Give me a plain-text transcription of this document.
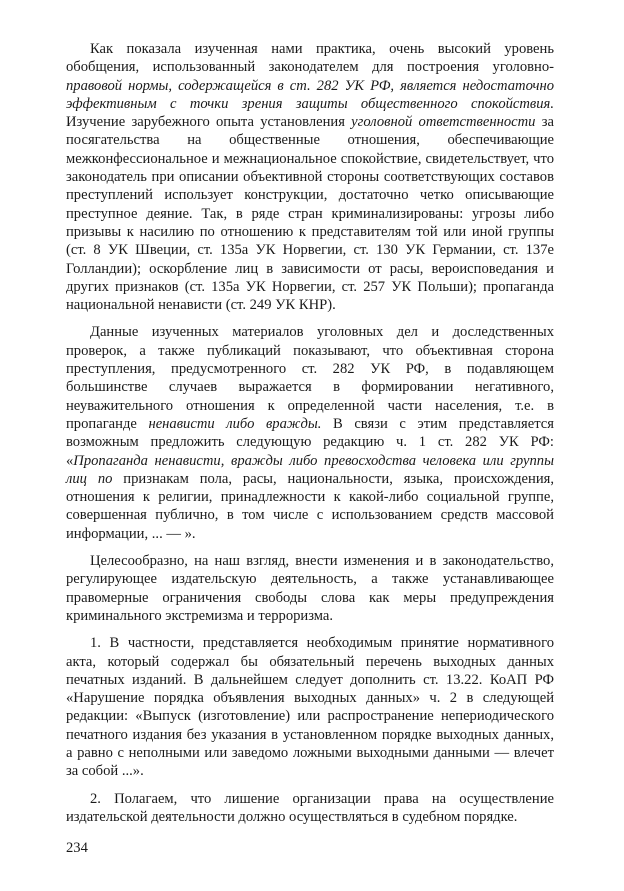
Как показала изученная нами практика, очень высокий уровень обобщения, использованный законодателем для построения уголовно-правовой нормы, содержащейся в ст. 282 УК РФ, является недостаточно эффективным с точки зрения защиты общественного спокойствия. Изучение зарубежного опыта установления уголовной ответственности за посягательства на общественные отношения, обеспечивающие межконфессиональное и межнациональное спокойствие, свидетельствует, что законодатель при описании объективной стороны соответствующих составов преступлений использует конструкции, достаточно четко описывающие преступное деяние. Так, в ряде стран криминализированы: угрозы либо призывы к насилию по отношению к представителям той или иной группы (ст. 8 УК Швеции, ст. 135а УК Норвегии, ст. 130 УК Германии, ст. 137е Голландии); оскорбление лиц в зависимости от расы, вероисповедания и других признаков (ст. 135а УК Норвегии, ст. 257 УК Польши); пропаганда национальной ненависти (ст. 249 УК КНР).

Данные изученных материалов уголовных дел и доследственных проверок, а также публикаций показывают, что объективная сторона преступления, предусмотренного ст. 282 УК РФ, в подавляющем большинстве случаев выражается в формировании негативного, неуважительного отношения к определенной части населения, т.е. в пропаганде ненависти либо вражды. В связи с этим представляется возможным предложить следующую редакцию ч. 1 ст. 282 УК РФ: «Пропаганда ненависти, вражды либо превосходства человека или группы лиц по признакам пола, расы, национальности, языка, происхождения, отношения к религии, принадлежности к какой-либо социальной группе, совершенная публично, в том числе с использованием средств массовой информации, ... — ».

Целесообразно, на наш взгляд, внести изменения и в законодательство, регулирующее издательскую деятельность, а также устанавливающее правомерные ограничения свободы слова как меры предупреждения криминального экстремизма и терроризма.

1. В частности, представляется необходимым принятие нормативного акта, который содержал бы обязательный перечень выходных данных печатных изданий. В дальнейшем следует дополнить ст. 13.22. КоАП РФ «Нарушение порядка объявления выходных данных» ч. 2 в следующей редакции: «Выпуск (изготовление) или распространение непериодического печатного издания без указания в установленном порядке выходных данных, а равно с неполными или заведомо ложными выходными данными — влечет за собой ...».

2. Полагаем, что лишение организации права на осуществление издательской деятельности должно осуществляться в судебном порядке.

234
